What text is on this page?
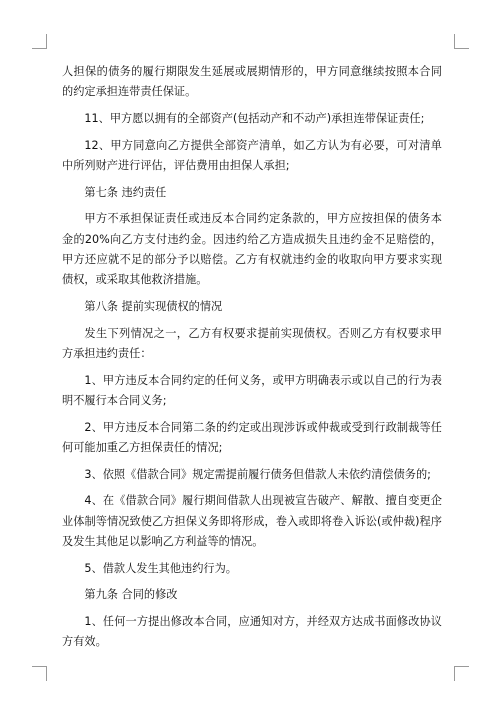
人担保的债务的履行期限发生延展或展期情形的，甲方同意继续按照本合同的约定承担连带责任保证。

11、甲方愿以拥有的全部资产(包括动产和不动产)承担连带保证责任;

12、甲方同意向乙方提供全部资产清单，如乙方认为有必要，可对清单中所列财产进行评估，评估费用由担保人承担;

第七条 违约责任

甲方不承担保证责任或违反本合同约定条款的，甲方应按担保的债务本金的20%向乙方支付违约金。因违约给乙方造成损失且违约金不足赔偿的，甲方还应就不足的部分予以赔偿。乙方有权就违约金的收取向甲方要求实现债权，或采取其他救济措施。

第八条 提前实现债权的情况

发生下列情况之一，乙方有权要求提前实现债权。否则乙方有权要求甲方承担违约责任：

1、甲方违反本合同约定的任何义务，或甲方明确表示或以自己的行为表明不履行本合同义务;

2、甲方违反本合同第二条的约定或出现涉诉或仲裁或受到行政制裁等任何可能加重乙方担保责任的情况;

3、依照《借款合同》规定需提前履行债务但借款人未依约清偿债务的;

4、在《借款合同》履行期间借款人出现被宣告破产、解散、擅自变更企业体制等情况致使乙方担保义务即将形成，卷入或即将卷入诉讼(或仲裁)程序及发生其他足以影响乙方利益等的情况。

5、借款人发生其他违约行为。

第九条 合同的修改

1、任何一方提出修改本合同，应通知对方，并经双方达成书面修改协议方有效。
